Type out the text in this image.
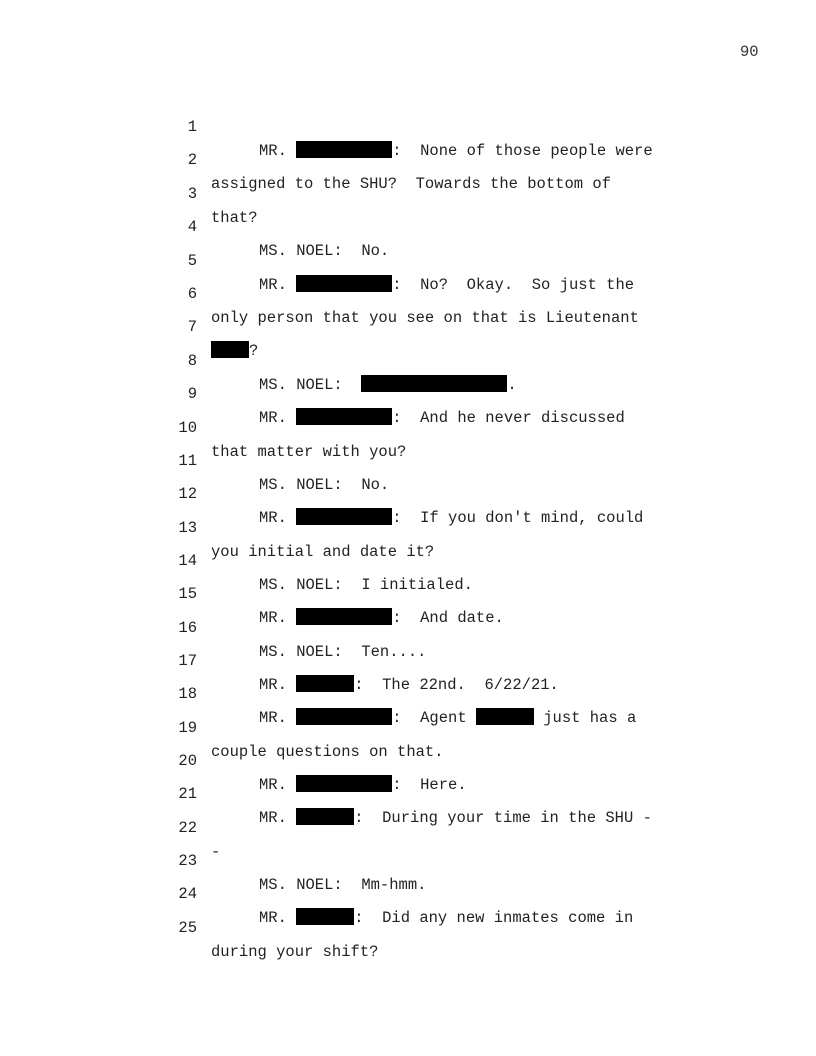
90

1

MR.	:  None of those people were

2

assigned to the SHU?  Towards the bottom of

3

that?

4

MS. NOEL:  No.

5

MR.	:  No?  Okay.  So just the

6

only person that you see on that is Lieutenant

7

?

8

MS. NOEL:	.

9

MR.	:  And he never discussed

10

that matter with you?

11

MS. NOEL:  No.

12

MR.	:  If you don't mind, could

13

you initial and date it?

14

MS. NOEL:  I initialed.

15

MR.	:  And date.

16

MS. NOEL:  Ten....

17

MR.	:  The 22nd.  6/22/21.

18

MR.	:  Agent	just has a

19

couple questions on that.

20

MR.	:  Here.

21

MR.	:  During your time in the SHU -

22

-

23

MS. NOEL:  Mm-hmm.

24

MR.	:  Did any new inmates come in

25

during your shift?
